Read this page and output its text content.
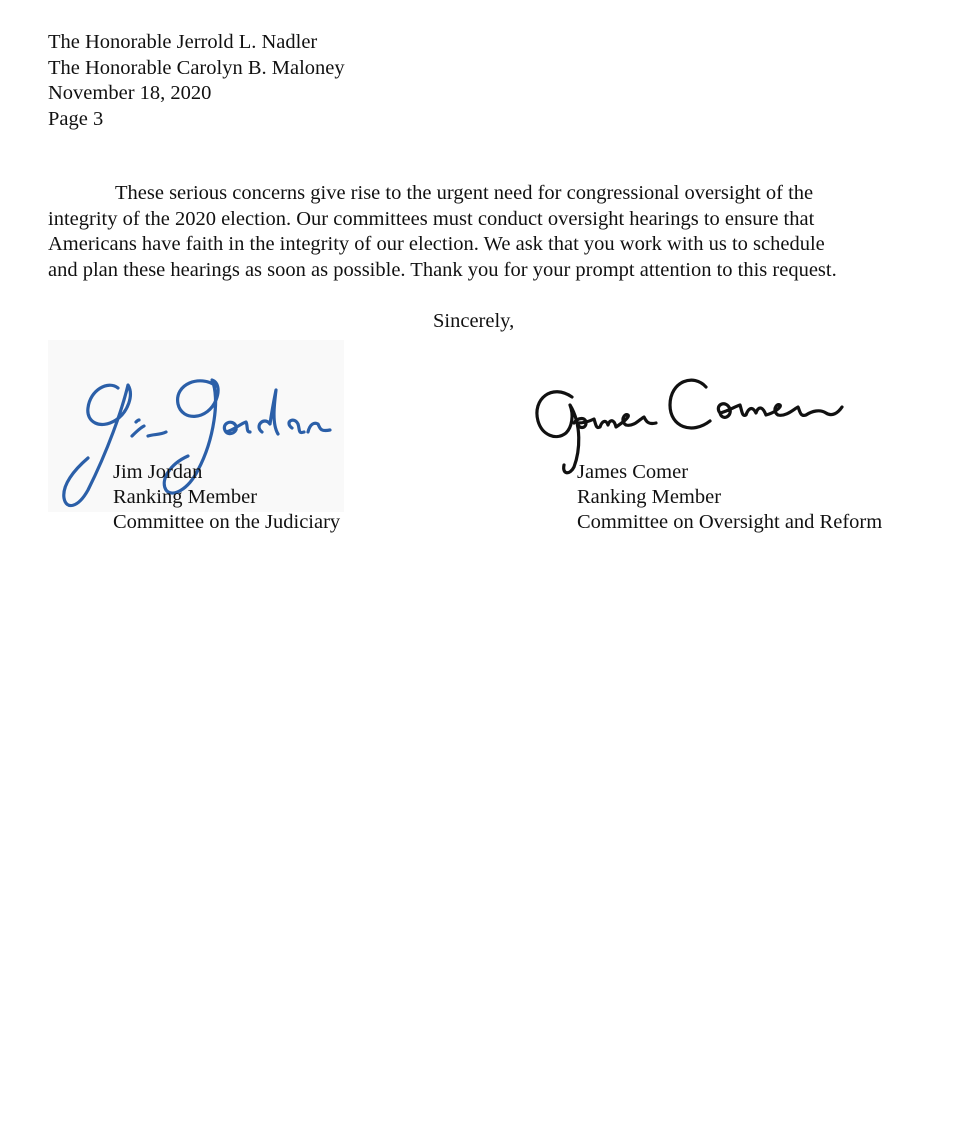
The Honorable Jerrold L. Nadler
The Honorable Carolyn B. Maloney
November 18, 2020
Page 3
These serious concerns give rise to the urgent need for congressional oversight of the
integrity of the 2020 election. Our committees must conduct oversight hearings to ensure that
Americans have faith in the integrity of our election. We ask that you work with us to schedule
and plan these hearings as soon as possible. Thank you for your prompt attention to this request.
Sincerely,
Jim Jordan
Ranking Member
Committee on the Judiciary
James Comer
Ranking Member
Committee on Oversight and Reform
